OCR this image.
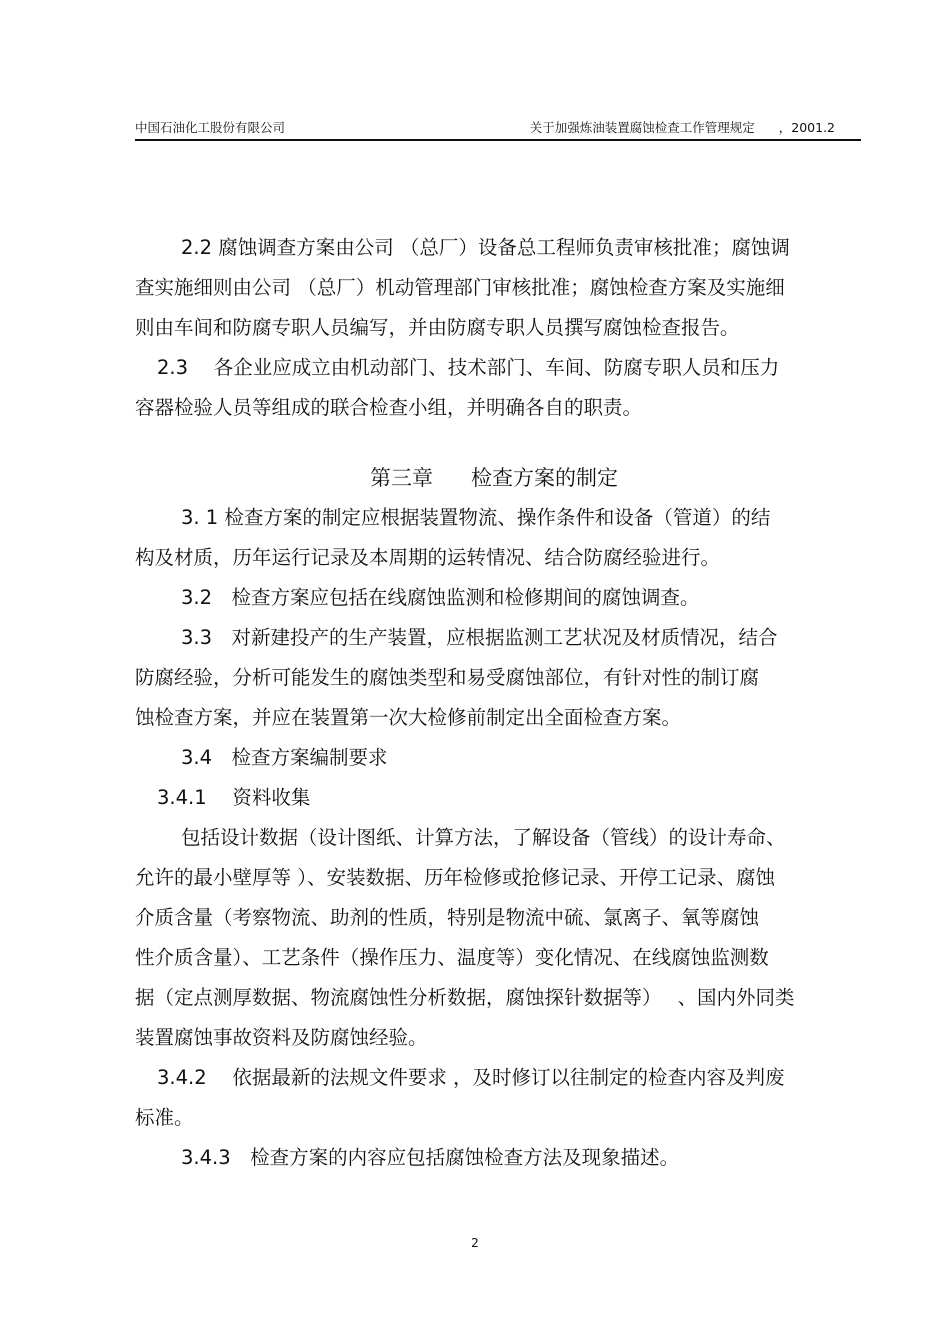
中国石油化工股份有限公司	关于加强炼油装置腐蚀检查工作管理规定 ，2001.2

2.2 腐蚀调查方案由公司 （总厂）设备总工程师负责审核批准；腐蚀调

查实施细则由公司 （总厂）机动管理部门审核批准；腐蚀检查方案及实施细

则由车间和防腐专职人员编写，并由防腐专职人员撰写腐蚀检查报告。

2.3　 各企业应成立由机动部门、技术部门、车间、防腐专职人员和压力

容器检验人员等组成的联合检查小组，并明确各自的职责。

第三章 检查方案的制定

3. 1 检查方案的制定应根据装置物流、操作条件和设备（管道）的结

构及材质，历年运行记录及本周期的运转情况、结合防腐经验进行。

3.2　检查方案应包括在线腐蚀监测和检修期间的腐蚀调查。

3.3　对新建投产的生产装置，应根据监测工艺状况及材质情况，结合

防腐经验，分析可能发生的腐蚀类型和易受腐蚀部位，有针对性的制订腐

蚀检查方案，并应在装置第一次大检修前制定出全面检查方案。

3.4　检查方案编制要求

3.4.1　 资料收集

包括设计数据（设计图纸、计算方法，了解设备（管线）的设计寿命、

允许的最小壁厚等 ）、安装数据、历年检修或抢修记录、开停工记录、腐蚀

介质含量（考察物流、助剂的性质，特别是物流中硫、氯离子、氧等腐蚀

性介质含量）、工艺条件（操作压力、温度等）变化情况、在线腐蚀监测数

据（定点测厚数据、物流腐蚀性分析数据，腐蚀探针数据等）　 、国内外同类

装置腐蚀事故资料及防腐蚀经验。

3.4.2　 依据最新的法规文件要求 ，及时修订以往制定的检查内容及判废

标准。

3.4.3　检查方案的内容应包括腐蚀检查方法及现象描述。

2
